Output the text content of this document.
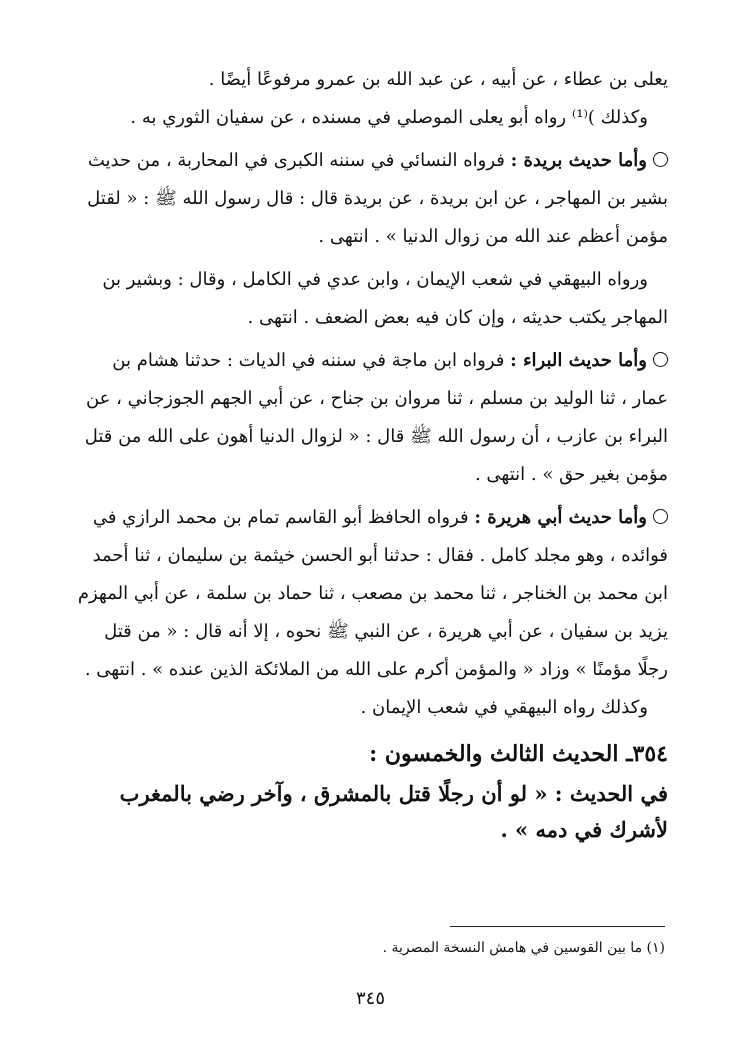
يعلى بن عطاء ، عن أبيه ، عن عبد الله بن عمرو مرفوعًا أيضًا .

وكذلك )⁽¹⁾ رواه أبو يعلى الموصلي في مسنده ، عن سفيان الثوري به .

وأما حديث بريدة : فرواه النسائي في سننه الكبرى في المحاربة ، من حديث

بشير بن المهاجر ، عن ابن بريدة ، عن بريدة قال : قال رسول الله ﷺ : « لقتل

مؤمن أعظم عند الله من زوال الدنيا » . انتهى .

ورواه البيهقي في شعب الإيمان ، وابن عدي في الكامل ، وقال : وبشير بن

المهاجر يكتب حديثه ، وإن كان فيه بعض الضعف . انتهى .

وأما حديث البراء : فرواه ابن ماجة في سننه في الديات : حدثنا هشام بن

عمار ، ثنا الوليد بن مسلم ، ثنا مروان بن جناح ، عن أبي الجهم الجوزجاني ، عن

البراء بن عازب ، أن رسول الله ﷺ قال : « لزوال الدنيا أهون على الله من قتل

مؤمن بغير حق » . انتهى .

وأما حديث أبي هريرة : فرواه الحافظ أبو القاسم تمام بن محمد الرازي في

فوائده ، وهو مجلد كامل . فقال : حدثنا أبو الحسن خيثمة بن سليمان ، ثنا أحمد

ابن محمد بن الخناجر ، ثنا محمد بن مصعب ، ثنا حماد بن سلمة ، عن أبي المهزم

يزيد بن سفيان ، عن أبي هريرة ، عن النبي ﷺ نحوه ، إلا أنه قال : « من قتل

رجلًا مؤمنًا » وزاد « والمؤمن أكرم على الله من الملائكة الذين عنده » . انتهى .

وكذلك رواه البيهقي في شعب الإيمان .

٣٥٤ـ الحديث الثالث والخمسون :
في الحديث : « لو أن رجلًا قتل بالمشرق ، وآخر رضي بالمغرب
لأشرك في دمه » .
(١) ما بين القوسين في هامش النسخة المصرية .
٣٤٥
